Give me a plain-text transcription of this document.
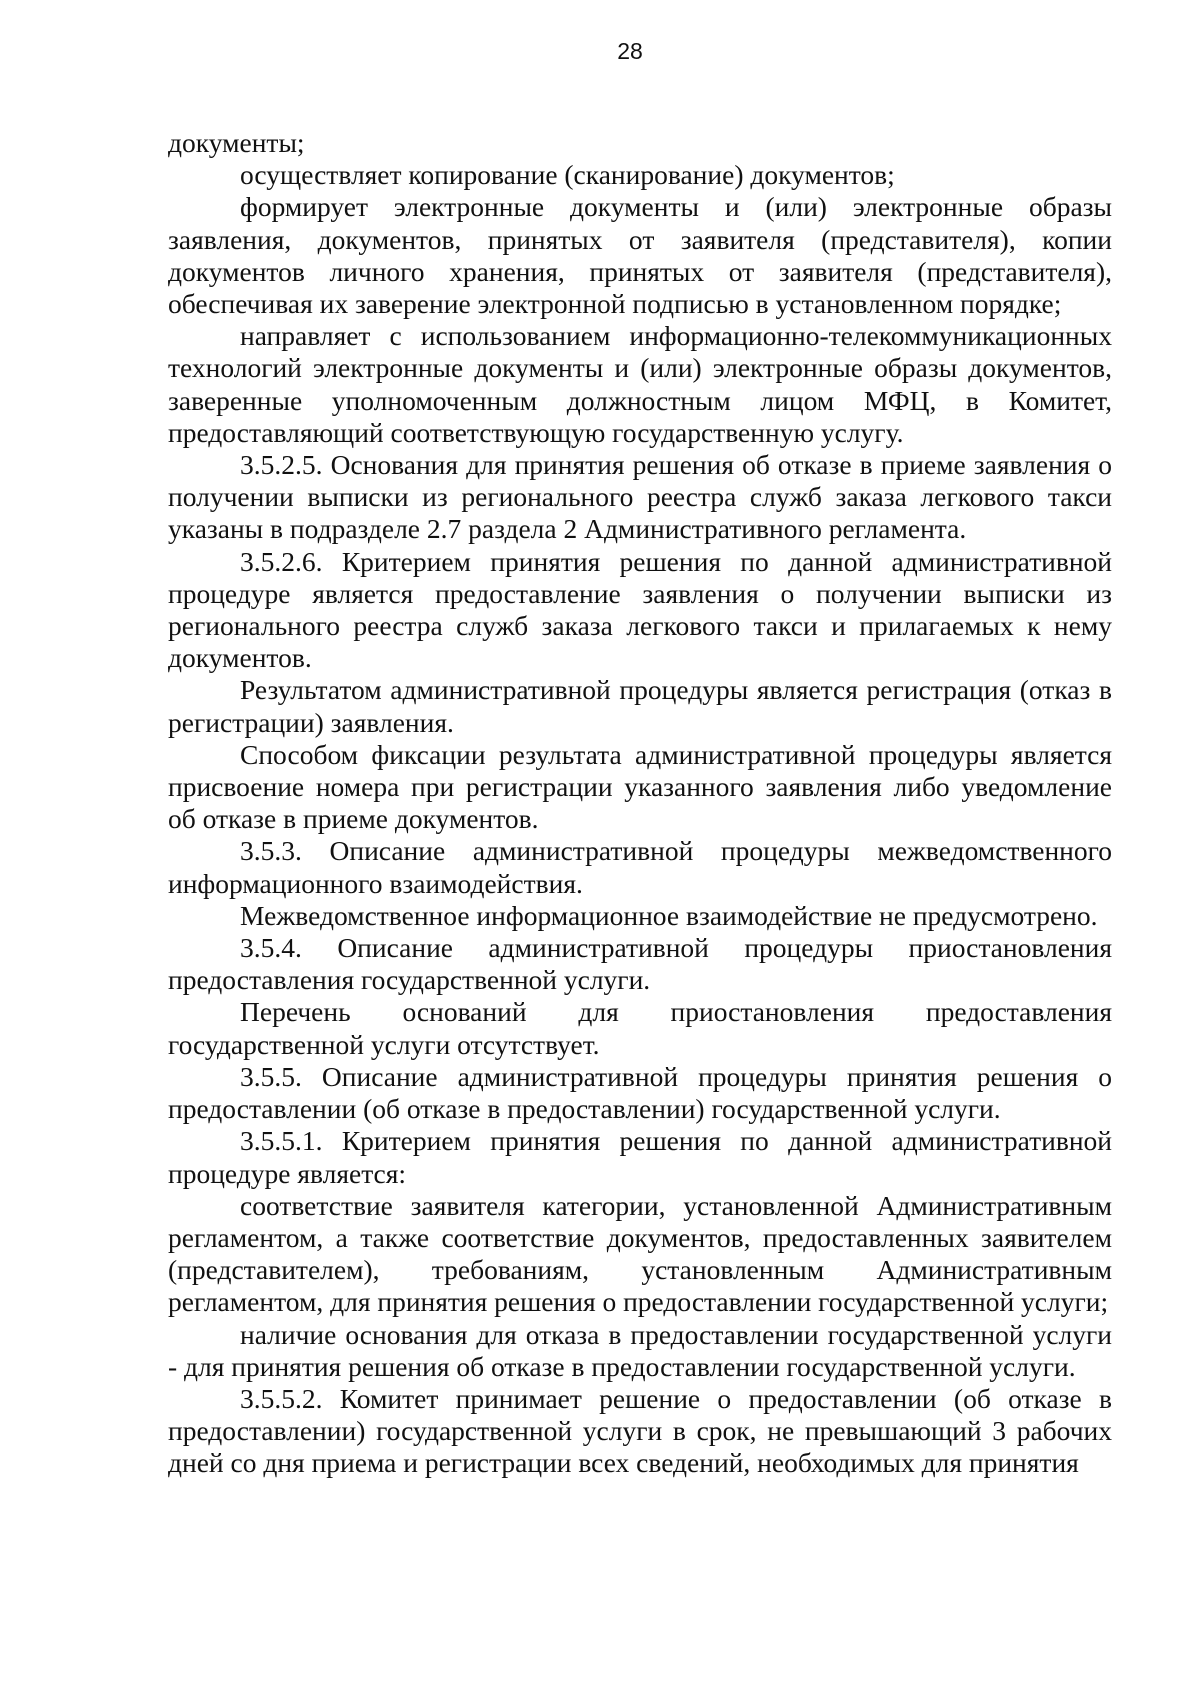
28

документы;

осуществляет копирование (сканирование) документов;

формирует электронные документы и (или) электронные образы заявления, документов, принятых от заявителя (представителя), копии документов личного хранения, принятых от заявителя (представителя), обеспечивая их заверение электронной подписью в установленном порядке;

направляет с использованием информационно-телекоммуникационных технологий электронные документы и (или) электронные образы документов, заверенные уполномоченным должностным лицом МФЦ, в Комитет, предоставляющий соответствующую государственную услугу.

3.5.2.5. Основания для принятия решения об отказе в приеме заявления о получении выписки из регионального реестра служб заказа легкового такси указаны в подразделе 2.7 раздела 2 Административного регламента.

3.5.2.6. Критерием принятия решения по данной административной процедуре является предоставление заявления о получении выписки из регионального реестра служб заказа легкового такси и прилагаемых к нему документов.

Результатом административной процедуры является регистрация (отказ в регистрации) заявления.

Способом фиксации результата административной процедуры является присвоение номера при регистрации указанного заявления либо уведомление об отказе в приеме документов.

3.5.3. Описание административной процедуры межведомственного информационного взаимодействия.

Межведомственное информационное взаимодействие не предусмотрено.

3.5.4. Описание административной процедуры приостановления предоставления государственной услуги.

Перечень оснований для приостановления предоставления государственной услуги отсутствует.

3.5.5. Описание административной процедуры принятия решения о предоставлении (об отказе в предоставлении) государственной услуги.

3.5.5.1. Критерием принятия решения по данной административной процедуре является:

соответствие заявителя категории, установленной Административным регламентом, а также соответствие документов, предоставленных заявителем (представителем), требованиям, установленным Административным регламентом, для принятия решения о предоставлении государственной услуги;

наличие основания для отказа в предоставлении государственной услуги - для принятия решения об отказе в предоставлении государственной услуги.

3.5.5.2. Комитет принимает решение о предоставлении (об отказе в предоставлении) государственной услуги в срок, не превышающий 3 рабочих дней со дня приема и регистрации всех сведений, необходимых для принятия
